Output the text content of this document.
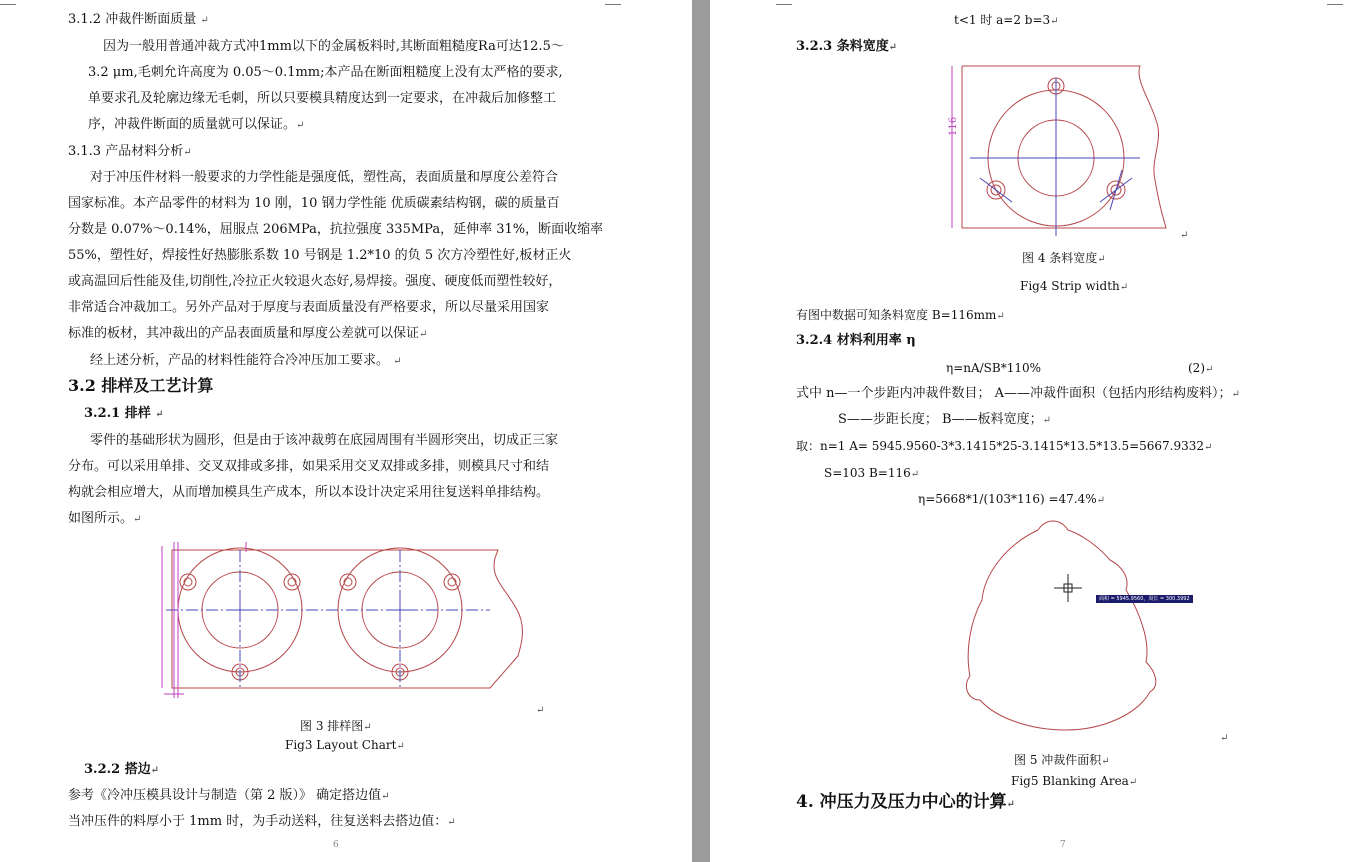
3.1.2 冲裁件断面质量 ↵
因为一般用普通冲裁方式冲1mm以下的金属板料时,其断面粗糙度Ra可达12.5～
3.2 μm,毛刺允许高度为 0.05～0.1mm;本产品在断面粗糙度上没有太严格的要求,
单要求孔及轮廓边缘无毛刺，所以只要模具精度达到一定要求，在冲裁后加修整工
序，冲裁件断面的质量就可以保证。↵
3.1.3 产品材料分析↵
对于冲压件材料一般要求的力学性能是强度低，塑性高，表面质量和厚度公差符合
国家标准。本产品零件的材料为 10 刚，10 钢力学性能 优质碳素结构钢，碳的质量百
分数是 0.07%～0.14%，屈服点 206MPa，抗拉强度 335MPa，延伸率 31%，断面收缩率
55%，塑性好，焊接性好热膨胀系数 10 号钢是 1.2*10 的负 5 次方冷塑性好,板材正火
或高温回后性能及佳,切削性,冷拉正火较退火态好,易焊接。强度、硬度低而塑性较好，
非常适合冲裁加工。另外产品对于厚度与表面质量没有严格要求，所以尽量采用国家
标准的板材，其冲裁出的产品表面质量和厚度公差就可以保证↵
经上述分析，产品的材料性能符合冷冲压加工要求。 ↵
3.2 排样及工艺计算
3.2.1 排样 ↵
零件的基础形状为圆形，但是由于该冲裁剪在底园周围有半圆形突出，切成正三家
分布。可以采用单排、交叉双排或多排，如果采用交叉双排或多排，则模具尺寸和结
构就会相应增大，从而增加模具生产成本，所以本设计决定采用往复送料单排结构。
如图所示。↵
↵
图 3 排样图↵
Fig3 Layout Chart↵
3.2.2 搭边↵
参考《冷冲压模具设计与制造（第 2 版）》 确定搭边值↵
当冲压件的料厚小于 1mm 时，为手动送料，往复送料去搭边值：↵
6
t<1 时 a=2 b=3↵
3.2.3 条料宽度↵
116
↵
图 4 条料宽度↵
Fig4 Strip width↵
有图中数据可知条料宽度 B=116mm↵
3.2.4 材料利用率 η
η=nA/SB*110%	(2)↵
式中 n—一个步距内冲裁件数目； A——冲裁件面积（包括内形结构废料）；↵
S——步距长度； B——板料宽度；↵
取：n=1 A= 5945.9560-3*3.1415*25-3.1415*13.5*13.5=5667.9332↵
S=103 B=116↵
η=5668*1/(103*116) =47.4%↵
面积 = 5945.9560，周长 = 300.3992
↵
图 5 冲裁件面积↵
Fig5 Blanking Area↵
4. 冲压力及压力中心的计算↵
7
